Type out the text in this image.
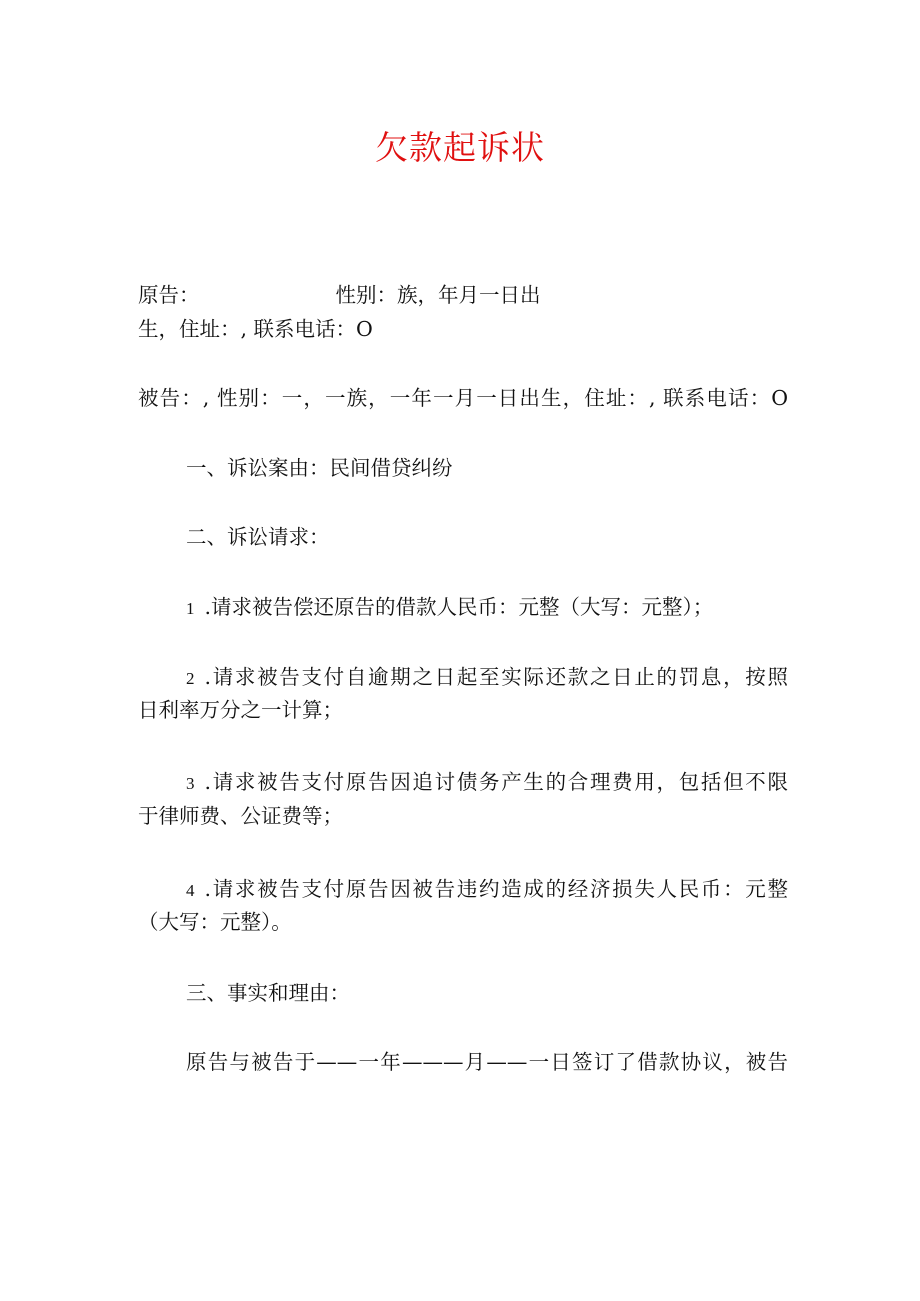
欠款起诉状
原告：	性别：族，年月一日出
生，住址：, 联系电话：O
被告：, 性别：一，一族，一年一月一日出生，住址：, 联系电话：O
一、诉讼案由：民间借贷纠纷
二、诉讼请求：
1 .请求被告偿还原告的借款人民币：元整（大写：元整）；
2 .请求被告支付自逾期之日起至实际还款之日止的罚息，按照
日利率万分之一计算；
3 .请求被告支付原告因追讨债务产生的合理费用，包括但不限
于律师费、公证费等；
4 .请求被告支付原告因被告违约造成的经济损失人民币：元整
（大写：元整）。
三、事实和理由：
原告与被告于——一年———月——一日签订了借款协议，被告
